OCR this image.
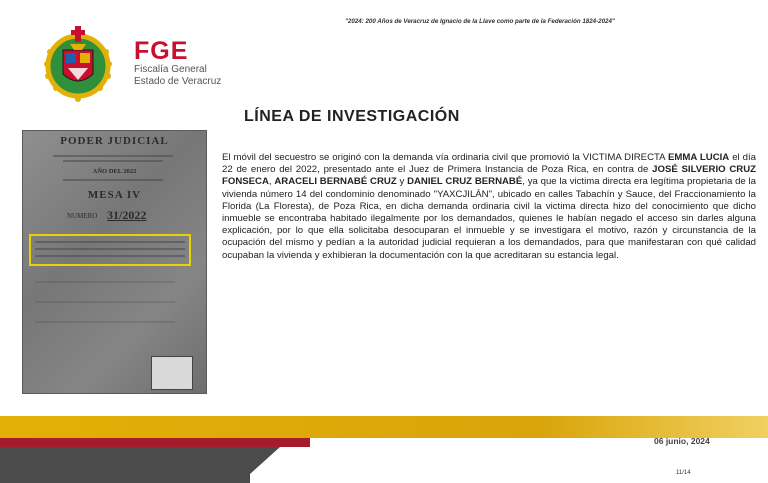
"2024: 200 Años de Veracruz de Ignacio de la Llave como parte de la Federación 1824-2024"
FGE
Fiscalía General
Estado de Veracruz
LÍNEA DE INVESTIGACIÓN
PODER JUDICIAL
AÑO DEL 2022
MESA IV
NUMERO 31/2022
El móvil del secuestro se originó con la demanda vía ordinaria civil que promovió la VICTIMA DIRECTA EMMA LUCIA el día 22 de enero del 2022, presentado ante el Juez de Primera Instancia de Poza Rica, en contra de JOSÉ SILVERIO CRUZ FONSECA, ARACELI BERNABÉ CRUZ y DANIEL CRUZ BERNABÉ, ya que la victima directa era legítima propietaria de la vivienda número 14 del condominio denominado "YAXCJILÁN", ubicado en calles Tabachín y Sauce, del Fraccionamiento la Florida (La Floresta), de Poza Rica, en dicha demanda ordinaria civil la victima directa hizo del conocimiento que dicho inmueble se encontraba habitado ilegalmente por los demandados, quienes le habían negado el acceso sin darles alguna explicación, por lo que ella solicitaba desocuparan el inmueble y se investigara el motivo, razón y circunstancia de la ocupación del mismo y pedían a la autoridad judicial requieran a los demandados, para que manifestaran con qué calidad ocupaban la vivienda y exhibieran la documentación con la que acreditaran su estancia legal.
06 junio, 2024
11/14
